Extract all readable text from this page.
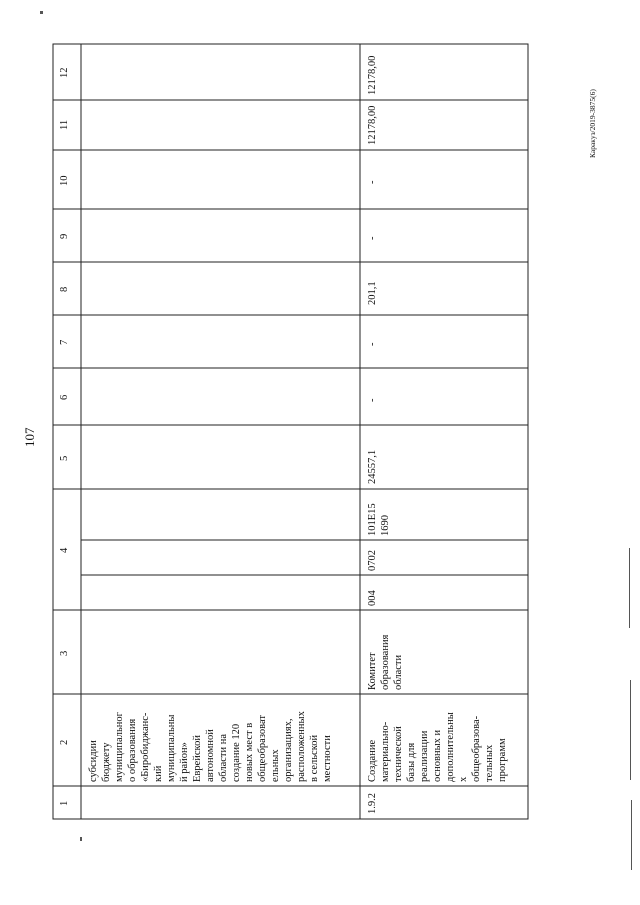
107
Каракуз/2019-3875(6)
1
2
3
4
5
6
7
8
9
10
11
12
субсидии
бюджету
муниципальног
о образования
«Биробиджанс-
кий
муниципальны
й район»
Еврейской
автономной
области на
создание 120
новых мест в
общеобразоват
ельных
организациях,
расположенных
в сельской
местности
1.9.2
Создание
материально-
технической
базы для
реализации
основных и
дополнительны
х
общеобразова-
тельных
программ
Комитет
образования
области
004
0702
101Е15
1690
24557,1
-
-
201,1
-
-
12178,00
12178,00
